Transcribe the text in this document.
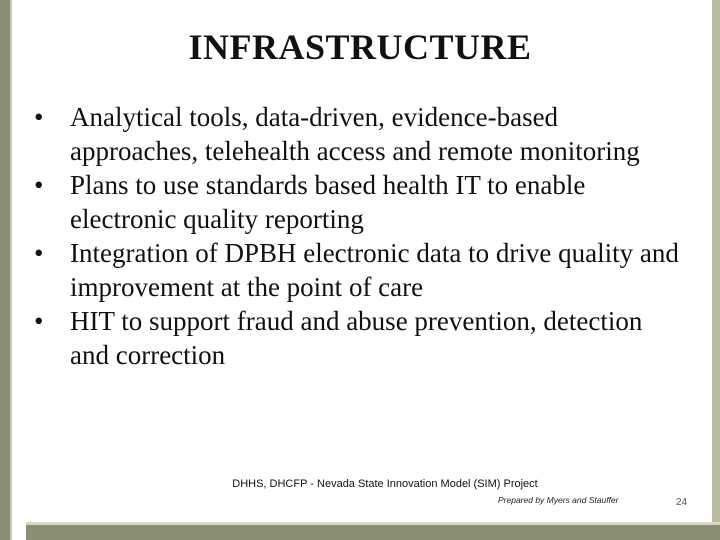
INFRASTRUCTURE
• Analytical tools, data-driven, evidence-based approaches, telehealth access and remote monitoring
• Plans to use standards based health IT to enable electronic quality reporting
• Integration of DPBH electronic data to drive quality and improvement at the point of care
• HIT to support fraud and abuse prevention, detection and correction
DHHS, DHCFP - Nevada State Innovation Model (SIM) Project
Prepared by Myers and Stauffer	24
